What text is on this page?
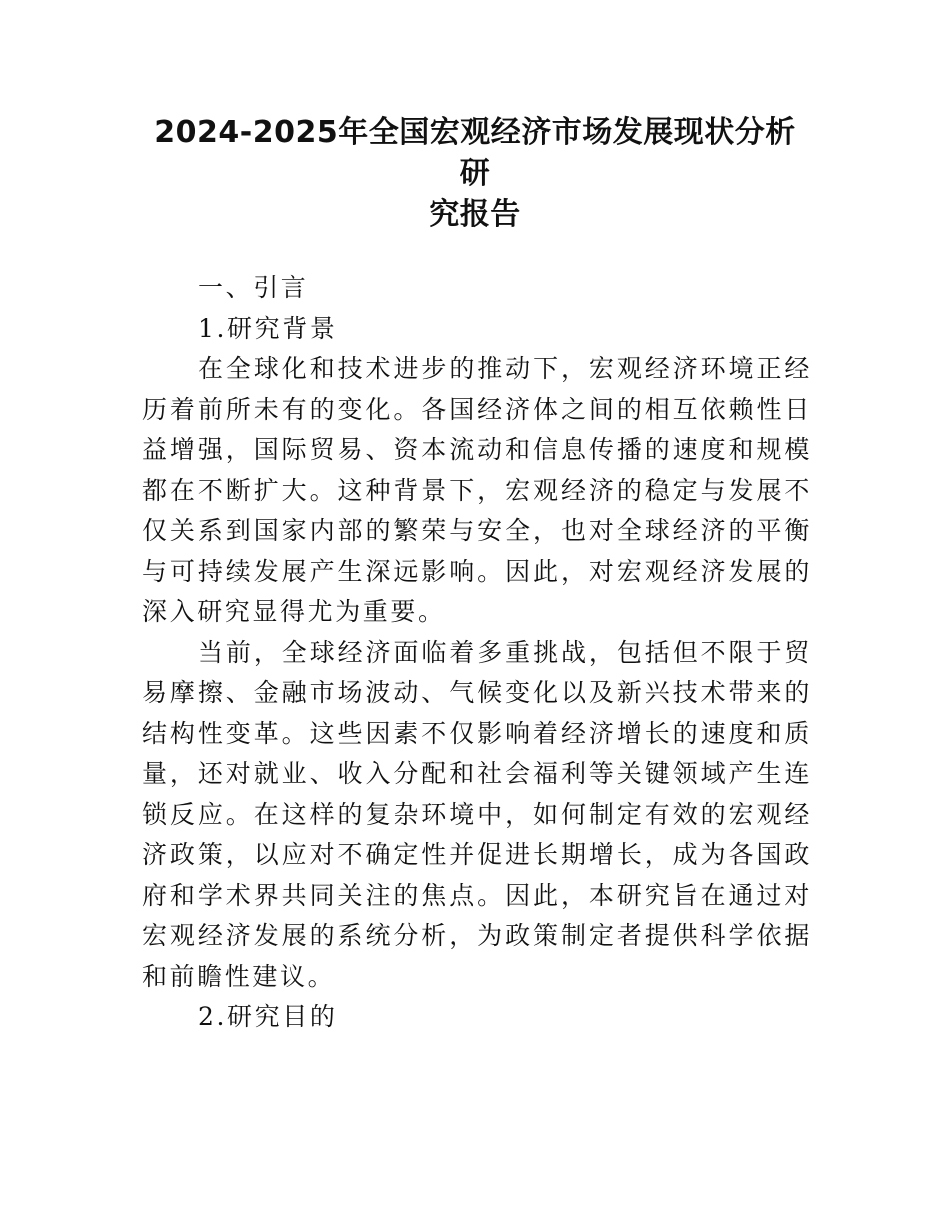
2024-2025年全国宏观经济市场发展现状分析研
究报告
一、引言
1.研究背景

在全球化和技术进步的推动下，宏观经济环境正经历着前所未有的变化。各国经济体之间的相互依赖性日益增强，国际贸易、资本流动和信息传播的速度和规模都在不断扩大。这种背景下，宏观经济的稳定与发展不仅关系到国家内部的繁荣与安全，也对全球经济的平衡与可持续发展产生深远影响。因此，对宏观经济发展的深入研究显得尤为重要。

当前，全球经济面临着多重挑战，包括但不限于贸易摩擦、金融市场波动、气候变化以及新兴技术带来的结构性变革。这些因素不仅影响着经济增长的速度和质量，还对就业、收入分配和社会福利等关键领域产生连锁反应。在这样的复杂环境中，如何制定有效的宏观经济政策，以应对不确定性并促进长期增长，成为各国政府和学术界共同关注的焦点。因此，本研究旨在通过对宏观经济发展的系统分析，为政策制定者提供科学依据和前瞻性建议。

2.研究目的
